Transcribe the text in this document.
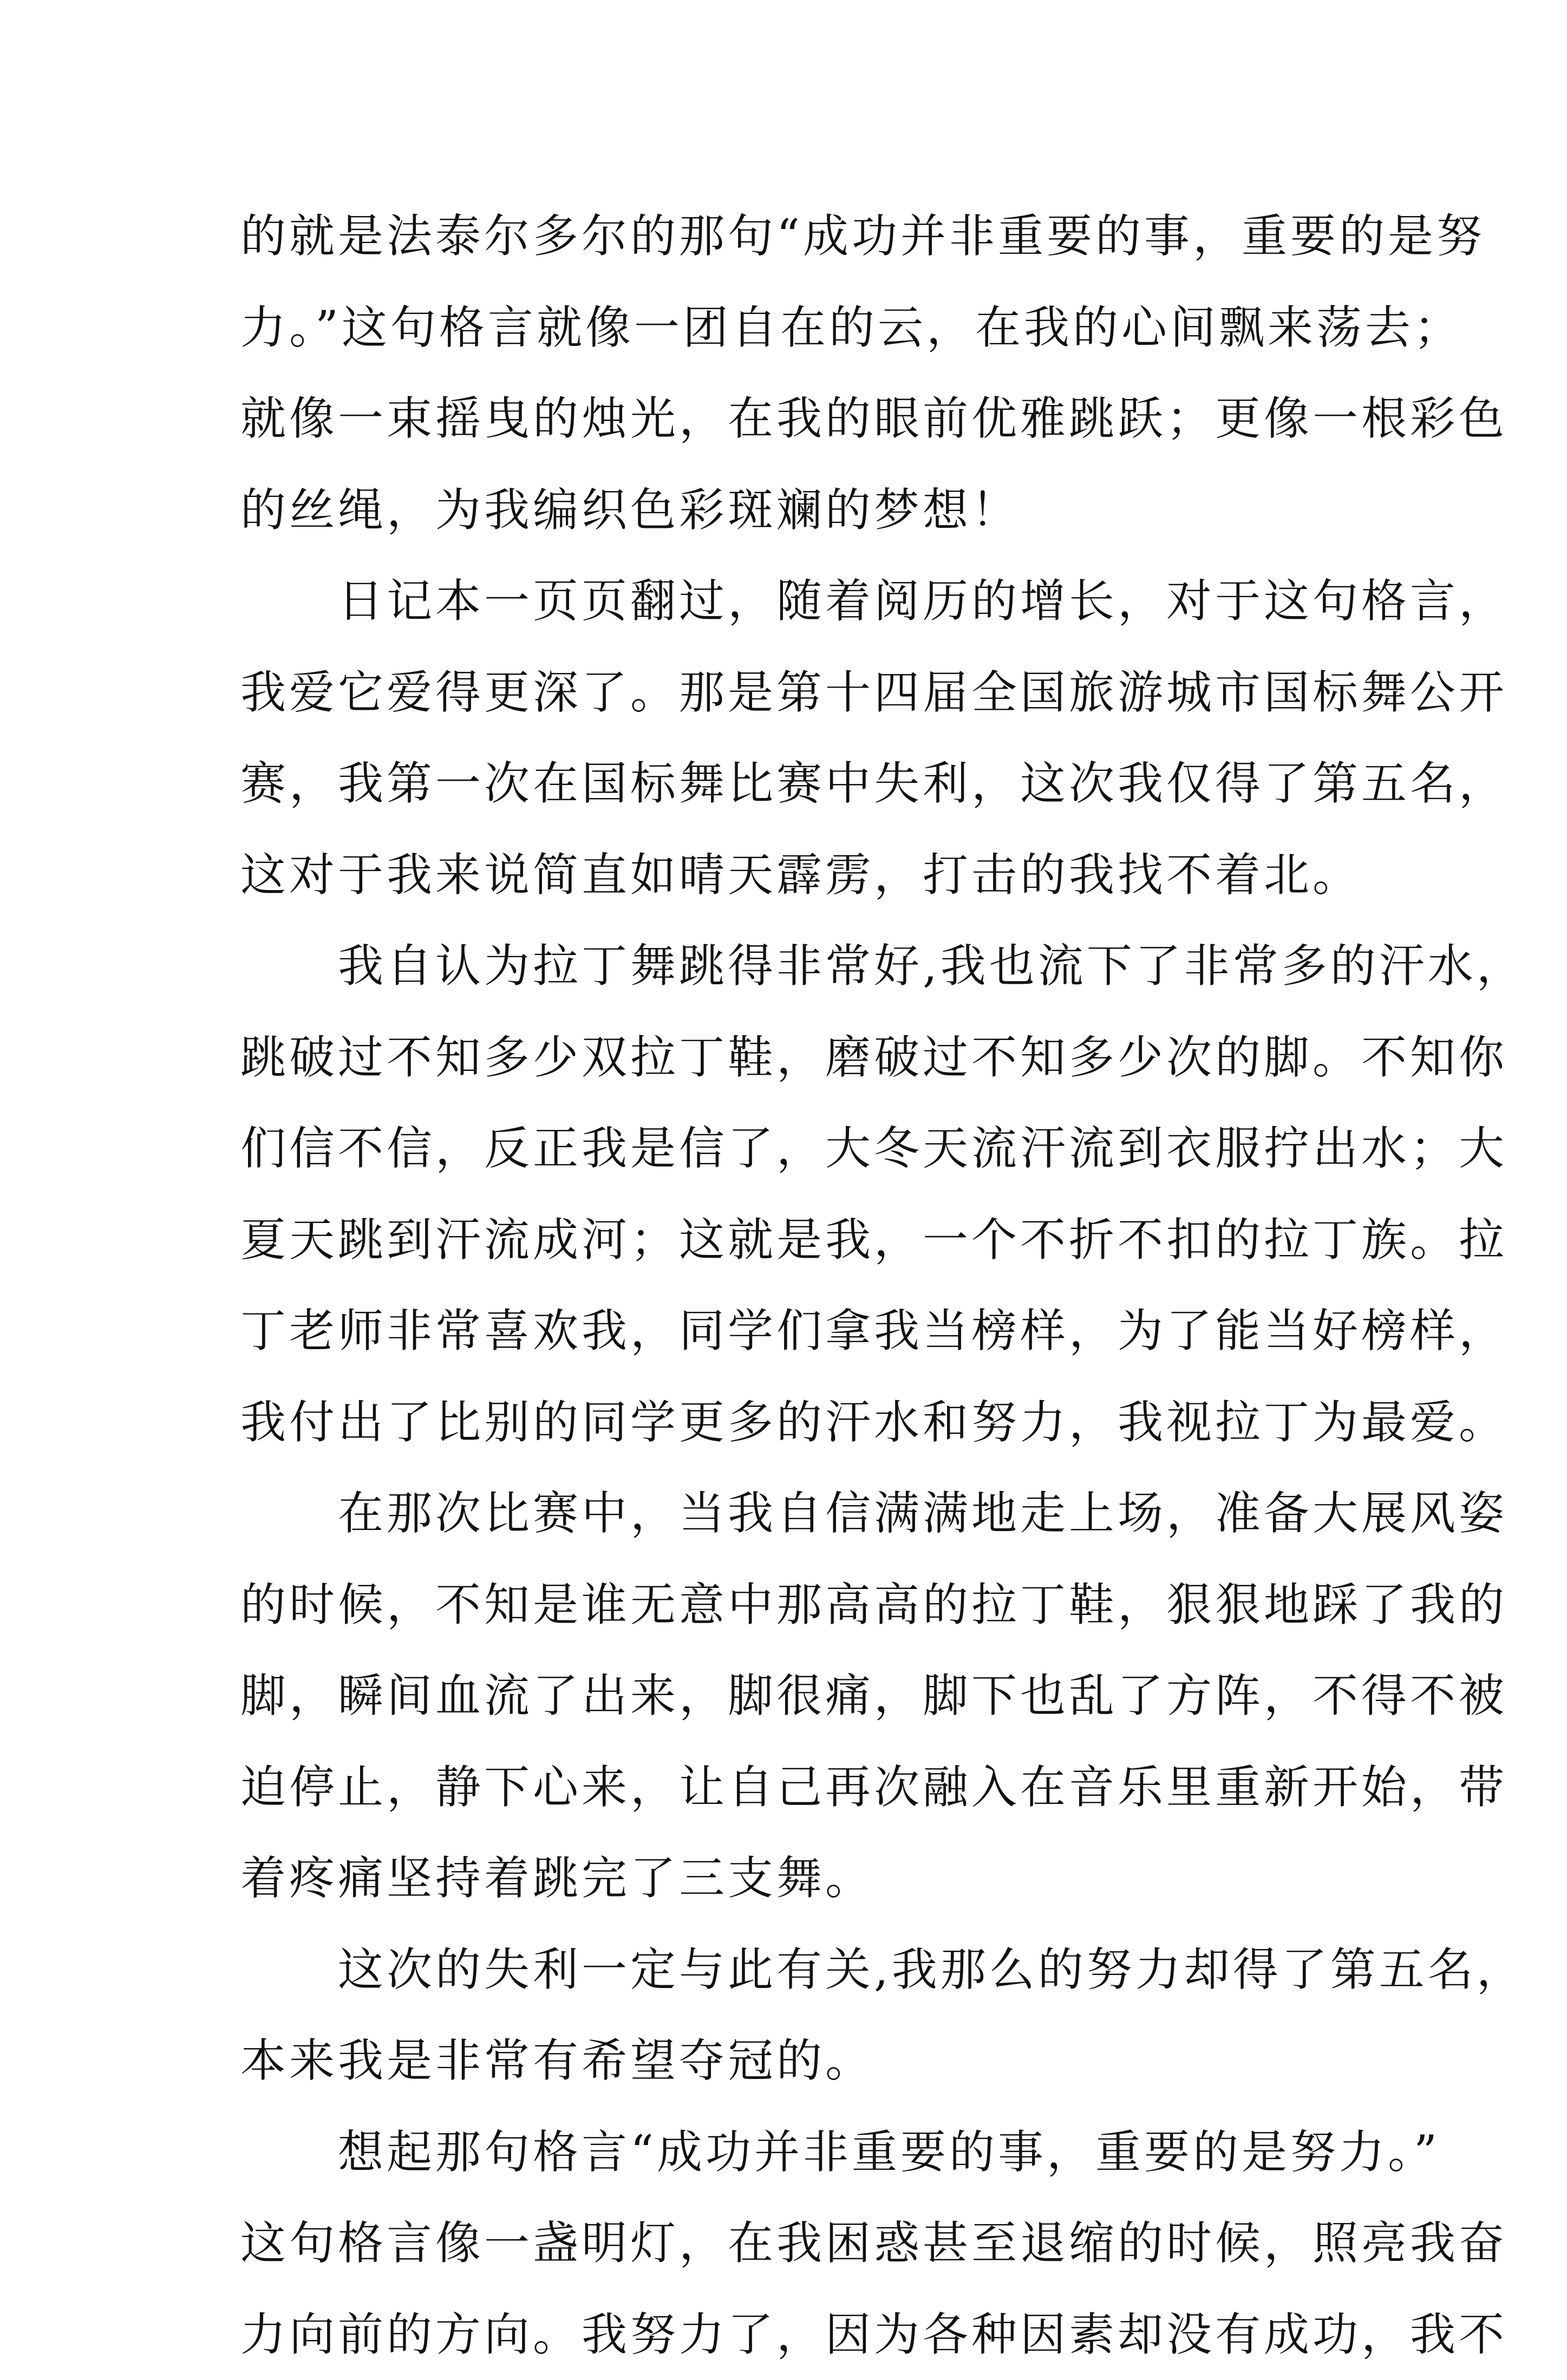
的就是法泰尔多尔的那句“成功并非重要的事，重要的是努
力。”这句格言就像一团自在的云，在我的心间飘来荡去；
就像一束摇曳的烛光，在我的眼前优雅跳跃；更像一根彩色
的丝绳，为我编织色彩斑斓的梦想！
　　日记本一页页翻过，随着阅历的增长，对于这句格言，
我爱它爱得更深了。那是第十四届全国旅游城市国标舞公开
赛，我第一次在国标舞比赛中失利，这次我仅得了第五名，
这对于我来说简直如晴天霹雳，打击的我找不着北。
　　我自认为拉丁舞跳得非常好,我也流下了非常多的汗水，
跳破过不知多少双拉丁鞋，磨破过不知多少次的脚。不知你
们信不信，反正我是信了，大冬天流汗流到衣服拧出水；大
夏天跳到汗流成河；这就是我，一个不折不扣的拉丁族。拉
丁老师非常喜欢我，同学们拿我当榜样，为了能当好榜样，
我付出了比别的同学更多的汗水和努力，我视拉丁为最爱。
　　在那次比赛中，当我自信满满地走上场，准备大展风姿
的时候，不知是谁无意中那高高的拉丁鞋，狠狠地踩了我的
脚，瞬间血流了出来，脚很痛，脚下也乱了方阵，不得不被
迫停止，静下心来，让自己再次融入在音乐里重新开始，带
着疼痛坚持着跳完了三支舞。
　　这次的失利一定与此有关,我那么的努力却得了第五名，
本来我是非常有希望夺冠的。
　　想起那句格言“成功并非重要的事，重要的是努力。”
这句格言像一盏明灯，在我困惑甚至退缩的时候，照亮我奋
力向前的方向。我努力了，因为各种因素却没有成功，我不
